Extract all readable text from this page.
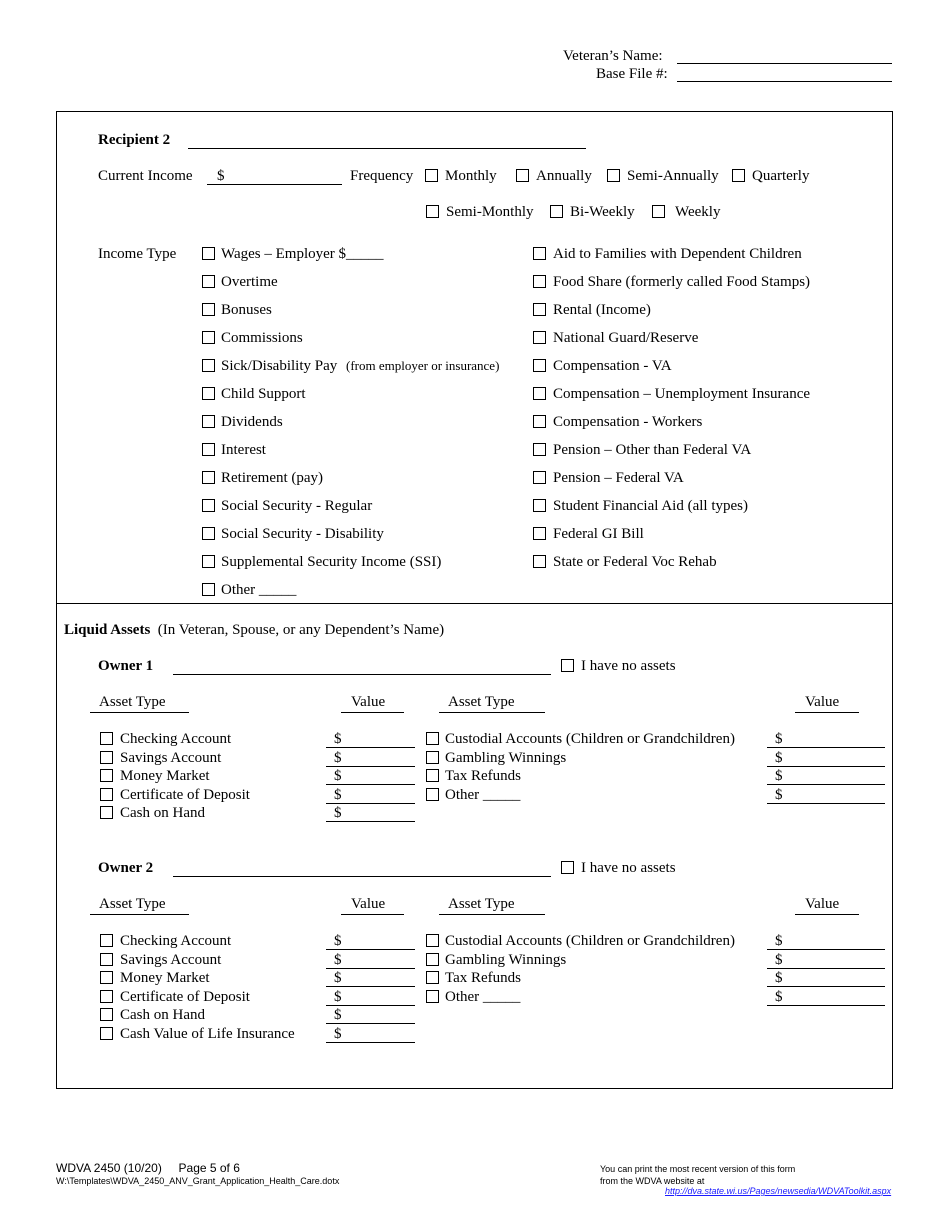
Veteran’s Name:
Base File #:
Recipient 2
Current Income $	Frequency Monthly	Annually Semi-Annually Quarterly
Semi-Monthly Bi-Weekly	Weekly
Income Type	Wages – Employer $_____
Overtime
Bonuses
Commissions
Sick/Disability Pay (from employer or insurance)
Child Support
Dividends
Interest
Retirement (pay)
Social Security - Regular
Social Security - Disability
Supplemental Security Income (SSI)
Other _____
Aid to Families with Dependent Children
Food Share (formerly called Food Stamps)
Rental (Income)
National Guard/Reserve
Compensation - VA
Compensation – Unemployment Insurance
Compensation - Workers
Pension – Other than Federal VA
Pension – Federal VA
Student Financial Aid (all types)
Federal GI Bill
State or Federal Voc Rehab
Liquid Assets (In Veteran, Spouse, or any Dependent’s Name)
Owner 1	I have no assets
Asset Type	Value	Asset Type	Value
Checking Account	$
Savings Account	$
Money Market	$
Certificate of Deposit	$
Cash on Hand	$
Custodial Accounts (Children or Grandchildren)	$
Gambling Winnings	$
Tax Refunds	$
Other _____	$
Owner 2	I have no assets
Asset Type	Value	Asset Type	Value
Checking Account	$
Savings Account	$
Money Market	$
Certificate of Deposit	$
Cash on Hand	$
Cash Value of Life Insurance	$
Custodial Accounts (Children or Grandchildren)	$
Gambling Winnings	$
Tax Refunds	$
Other _____	$
WDVA 2450 (10/20) Page 5 of 6
W:\Templates\WDVA_2450_ANV_Grant_Application_Health_Care.dotx
You can print the most recent version of this form
from the WDVA website at
http://dva.state.wi.us/Pages/newsedia/WDVAToolkit.aspx
